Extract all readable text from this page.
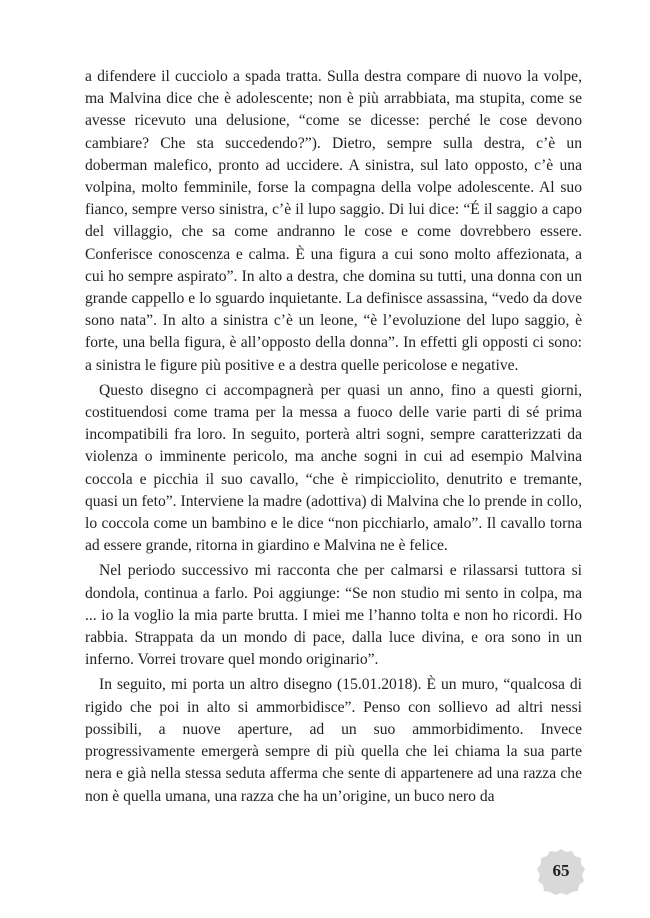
a difendere il cucciolo a spada tratta. Sulla destra compare di nuovo la volpe, ma Malvina dice che è adolescente; non è più arrabbiata, ma stupita, come se avesse ricevuto una delusione, “come se dicesse: perché le cose devono cambiare? Che sta succedendo?”). Dietro, sempre sulla destra, c’è un doberman malefico, pronto ad uccidere. A sinistra, sul lato opposto, c’è una volpina, molto femminile, forse la compagna della volpe adolescente. Al suo fianco, sempre verso sinistra, c’è il lupo saggio. Di lui dice: “É il saggio a capo del villaggio, che sa come andranno le cose e come dovrebbero essere. Conferisce conoscenza e calma. È una figura a cui sono molto affezionata, a cui ho sempre aspirato”. In alto a destra, che domina su tutti, una donna con un grande cappello e lo sguardo inquietante. La definisce assassina, “vedo da dove sono nata”. In alto a sinistra c’è un leone, “è l’evoluzione del lupo saggio, è forte, una bella figura, è all’opposto della donna”. In effetti gli opposti ci sono: a sinistra le figure più positive e a destra quelle pericolose e negative.

Questo disegno ci accompagnerà per quasi un anno, fino a questi giorni, costituendosi come trama per la messa a fuoco delle varie parti di sé prima incompatibili fra loro. In seguito, porterà altri sogni, sempre caratterizzati da violenza o imminente pericolo, ma anche sogni in cui ad esempio Malvina coccola e picchia il suo cavallo, “che è rimpicciolito, denutrito e tremante, quasi un feto”. Interviene la madre (adottiva) di Malvina che lo prende in collo, lo coccola come un bambino e le dice “non picchiarlo, amalo”. Il cavallo torna ad essere grande, ritorna in giardino e Malvina ne è felice.

Nel periodo successivo mi racconta che per calmarsi e rilassarsi tuttora si dondola, continua a farlo. Poi aggiunge: “Se non studio mi sento in colpa, ma ... io la voglio la mia parte brutta. I miei me l’hanno tolta e non ho ricordi. Ho rabbia. Strappata da un mondo di pace, dalla luce divina, e ora sono in un inferno. Vorrei trovare quel mondo originario”.

In seguito, mi porta un altro disegno (15.01.2018). È un muro, “qualcosa di rigido che poi in alto si ammorbidisce”. Penso con sollievo ad altri nessi possibili, a nuove aperture, ad un suo ammorbidimento. Invece progressivamente emergerà sempre di più quella che lei chiama la sua parte nera e già nella stessa seduta afferma che sente di appartenere ad una razza che non è quella umana, una razza che ha un’origine, un buco nero da

65
